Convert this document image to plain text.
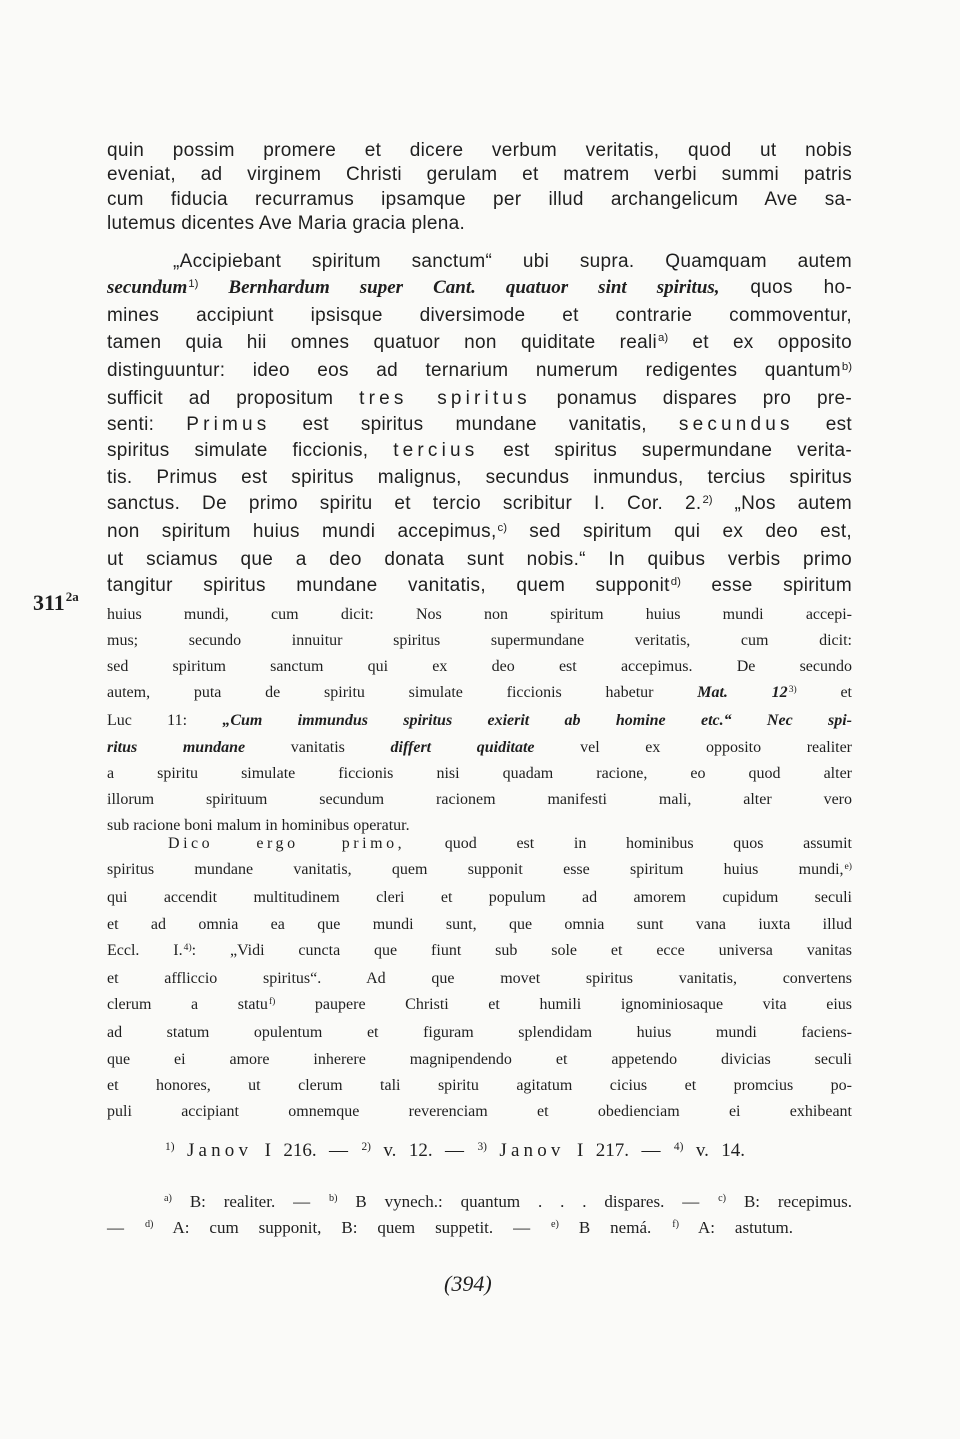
quin possim promere et dicere verbum veritatis, quod ut nobis
eveniat, ad virginem Christi gerulam et matrem verbi summi patris
cum fiducia recurramus ipsamque per illud archangelicum Ave sa-
lutemus dicentes Ave Maria gracia plena.
„Accipiebant spiritum sanctum“ ubi supra. Quamquam autem
secundum$^{1)}$ Bernhardum super Cant. quatuor sint spiritus, quos ho-
mines accipiunt ipsisque diversimode et contrarie commoventur,
tamen quia hii omnes quatuor non quiditate reali$^{a)}$ et ex opposito
distinguuntur: ideo eos ad ternarium numerum redigentes quantum$^{b)}$
sufficit ad propositum tres spiritus ponamus dispares pro pre-
senti: Primus est spiritus mundane vanitatis, secundus est
spiritus simulate ficcionis, tercius est spiritus supermundane verita-
tis. Primus est spiritus malignus, secundus inmundus, tercius spiritus
sanctus. De primo spiritu et tercio scribitur I. Cor. 2.$^{2)}$ „Nos autem
non spiritum huius mundi accepimus,$^{c)}$ sed spiritum qui ex deo est,
ut sciamus que a deo donata sunt nobis.“ In quibus verbis primo
tangitur spiritus mundane vanitatis, quem supponit$^{d)}$ esse spiritum
huius mundi, cum dicit: Nos non spiritum huius mundi accepi-
mus; secundo innuitur spiritus supermundane veritatis, cum dicit:
sed spiritum sanctum qui ex deo est accepimus. De secundo
autem, puta de spiritu simulate ficcionis habetur Mat. 12$^{3)}$ et
Luc 11: „Cum immundus spiritus exierit ab homine etc.“ Nec spi-
ritus mundane vanitatis differt quiditate vel ex opposito realiter
a spiritu simulate ficcionis nisi quadam racione, eo quod alter
illorum spirituum secundum racionem manifesti mali, alter vero
sub racione boni malum in hominibus operatur.
Dico ergo primo, quod est in hominibus quos assumit
spiritus mundane vanitatis, quem supponit esse spiritum huius mundi,$^{e)}$
qui accendit multitudinem cleri et populum ad amorem cupidum seculi
et ad omnia ea que mundi sunt, que omnia sunt vana iuxta illud
Eccl. I.$^{4)}$: „Vidi cuncta que fiunt sub sole et ecce universa vanitas
et affliccio spiritus“. Ad que movet spiritus vanitatis, convertens
clerum a statu$^{f)}$ paupere Christi et humili ignominiosaque vita eius
ad statum opulentum et figuram splendidam huius mundi faciens-
que ei amore inherere magnipendendo et appetendo divicias seculi
et honores, ut clerum tali spiritu agitatum cicius et promcius po-
puli accipiant omnemque reverenciam et obedienciam ei exhibeant
$311^{2a}$
$^{1)}$ Janov I 216. — $^{2)}$ v. 12. — $^{3)}$ Janov I 217. — $^{4)}$ v. 14.
$^{a)}$ B: realiter. — $^{b)}$ B vynech.: quantum . . . dispares. — $^{c)}$ B: recepimus.
— $^{d)}$ A: cum supponit, B: quem suppetit. — $^{e)}$ B nemá. $^{f)}$ A: astutum.
(394)
